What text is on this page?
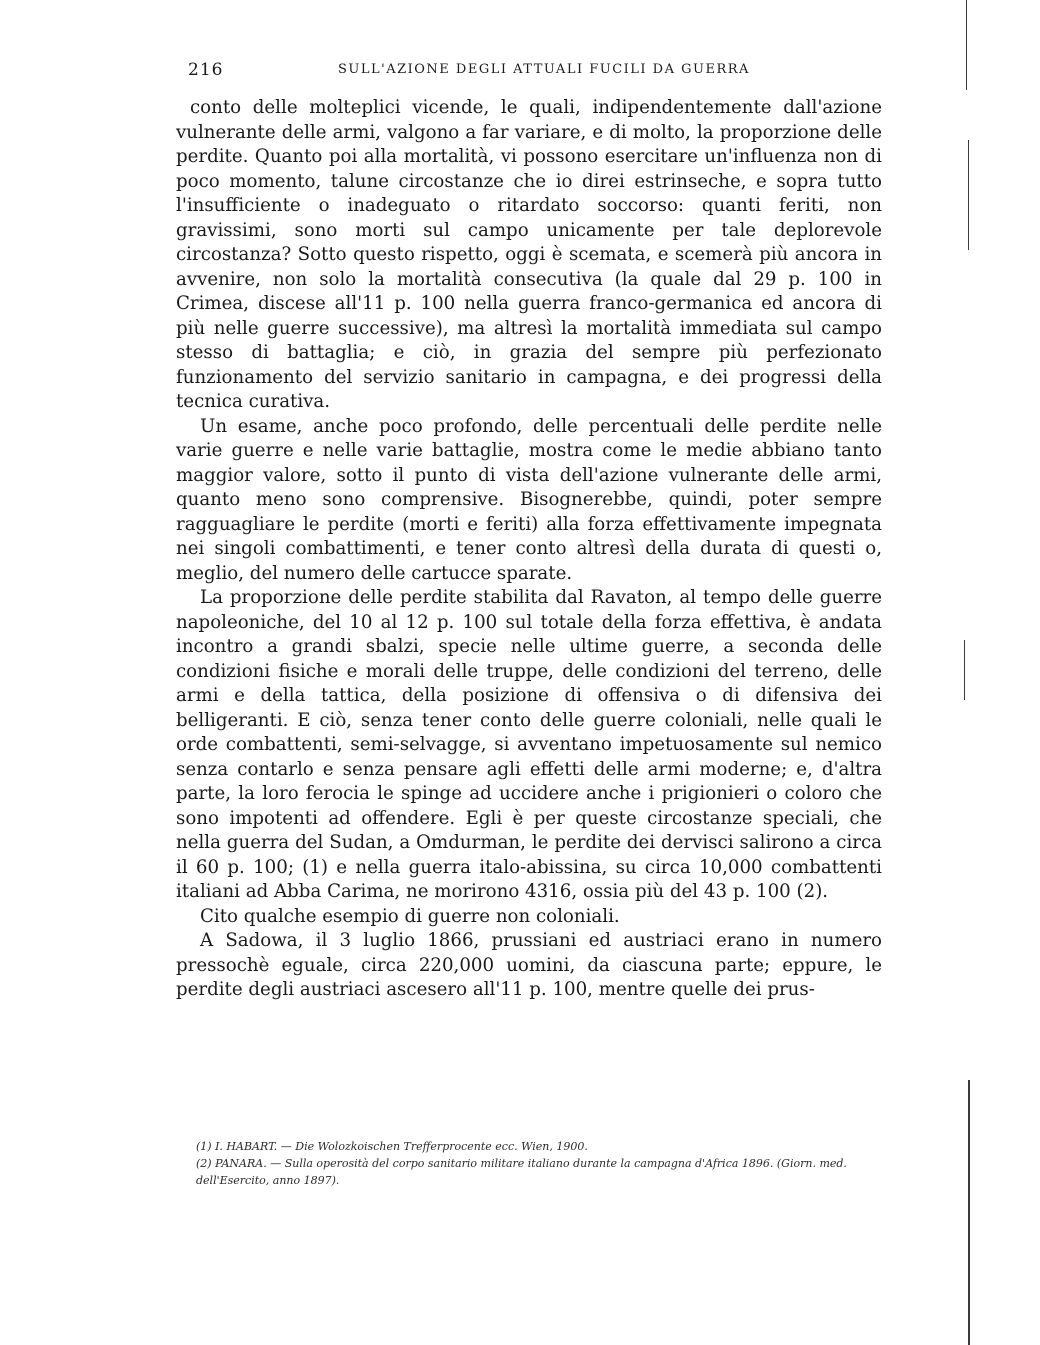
216	SULL'AZIONE DEGLI ATTUALI FUCILI DA GUERRA

conto delle molteplici vicende, le quali, indipendentemente dall'azione vulnerante delle armi, valgono a far variare, e di molto, la proporzione delle perdite. Quanto poi alla mortalità, vi possono esercitare un'influenza non di poco momento, talune circostanze che io direi estrinseche, e sopra tutto l'insufficiente o inadeguato o ritardato soccorso: quanti feriti, non gravissimi, sono morti sul campo unicamente per tale deplorevole circostanza? Sotto questo rispetto, oggi è scemata, e scemerà più ancora in avvenire, non solo la mortalità consecutiva (la quale dal 29 p. 100 in Crimea, discese all'11 p. 100 nella guerra franco-germanica ed ancora di più nelle guerre successive), ma altresì la mortalità immediata sul campo stesso di battaglia; e ciò, in grazia del sempre più perfezionato funzionamento del servizio sanitario in campagna, e dei progressi della tecnica curativa.

Un esame, anche poco profondo, delle percentuali delle perdite nelle varie guerre e nelle varie battaglie, mostra come le medie abbiano tanto maggior valore, sotto il punto di vista dell'azione vulnerante delle armi, quanto meno sono comprensive. Bisognerebbe, quindi, poter sempre ragguagliare le perdite (morti e feriti) alla forza effettivamente impegnata nei singoli combattimenti, e tener conto altresì della durata di questi o, meglio, del numero delle cartucce sparate.

La proporzione delle perdite stabilita dal Ravaton, al tempo delle guerre napoleoniche, del 10 al 12 p. 100 sul totale della forza effettiva, è andata incontro a grandi sbalzi, specie nelle ultime guerre, a seconda delle condizioni fisiche e morali delle truppe, delle condizioni del terreno, delle armi e della tattica, della posizione di offensiva o di difensiva dei belligeranti. E ciò, senza tener conto delle guerre coloniali, nelle quali le orde combattenti, semi-selvagge, si avventano impetuosamente sul nemico senza contarlo e senza pensare agli effetti delle armi moderne; e, d'altra parte, la loro ferocia le spinge ad uccidere anche i prigionieri o coloro che sono impotenti ad offendere. Egli è per queste circostanze speciali, che nella guerra del Sudan, a Omdurman, le perdite dei dervisci salirono a circa il 60 p. 100; (1) e nella guerra italo-abissina, su circa 10,000 combattenti italiani ad Abba Carima, ne morirono 4316, ossia più del 43 p. 100 (2).

Cito qualche esempio di guerre non coloniali.

A Sadowa, il 3 luglio 1866, prussiani ed austriaci erano in numero pressochè eguale, circa 220,000 uomini, da ciascuna parte; eppure, le perdite degli austriaci ascesero all'11 p. 100, mentre quelle dei prus-

(1) I. HABART. — Die Wolozkoischen Trefferprocente ecc. Wien, 1900.

(2) PANARA. — Sulla operosità del corpo sanitario militare italiano durante la campagna d'Africa 1896. (Giorn. med. dell'Esercito, anno 1897).
